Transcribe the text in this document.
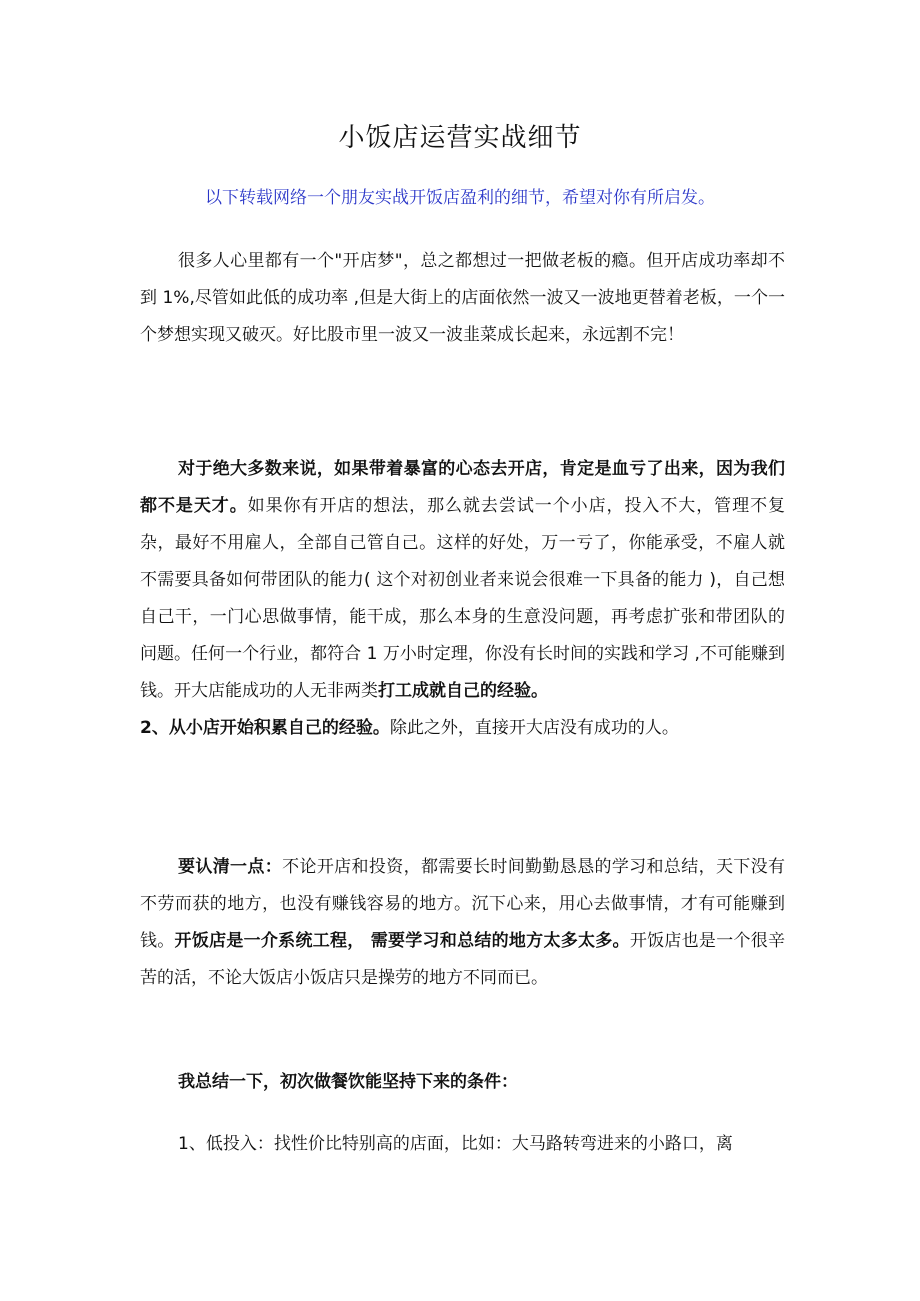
小饭店运营实战细节
以下转载网络一个朋友实战开饭店盈利的细节，希望对你有所启发。

很多人心里都有一个"开店梦"，总之都想过一把做老板的瘾。但开店成功率却不到 1%,尽管如此低的成功率 ,但是大街上的店面依然一波又一波地更替着老板，一个一个梦想实现又破灭。好比股市里一波又一波韭菜成长起来，永远割不完！

对于绝大多数来说，如果带着暴富的心态去开店，肯定是血亏了出来，因为我们都不是天才。如果你有开店的想法，那么就去尝试一个小店，投入不大，管理不复杂，最好不用雇人，全部自己管自己。这样的好处，万一亏了，你能承受，不雇人就不需要具备如何带团队的能力( 这个对初创业者来说会很难一下具备的能力 )，自己想自己干，一门心思做事情，能干成，那么本身的生意没问题，再考虑扩张和带团队的问题。任何一个行业，都符合 1 万小时定理，你没有长时间的实践和学习 ,不可能赚到钱。开大店能成功的人无非两类打工成就自己的经验。
2、从小店开始积累自己的经验。除此之外，直接开大店没有成功的人。

要认清一点：不论开店和投资，都需要长时间勤勤恳恳的学习和总结，天下没有不劳而获的地方，也没有赚钱容易的地方。沉下心来，用心去做事情，才有可能赚到钱。开饭店是一介系统工程， 需要学习和总结的地方太多太多。开饭店也是一个很辛苦的活，不论大饭店小饭店只是操劳的地方不同而已。

我总结一下，初次做餐饮能坚持下来的条件：

1、低投入：找性价比特别高的店面，比如：大马路转弯进来的小路口，离
